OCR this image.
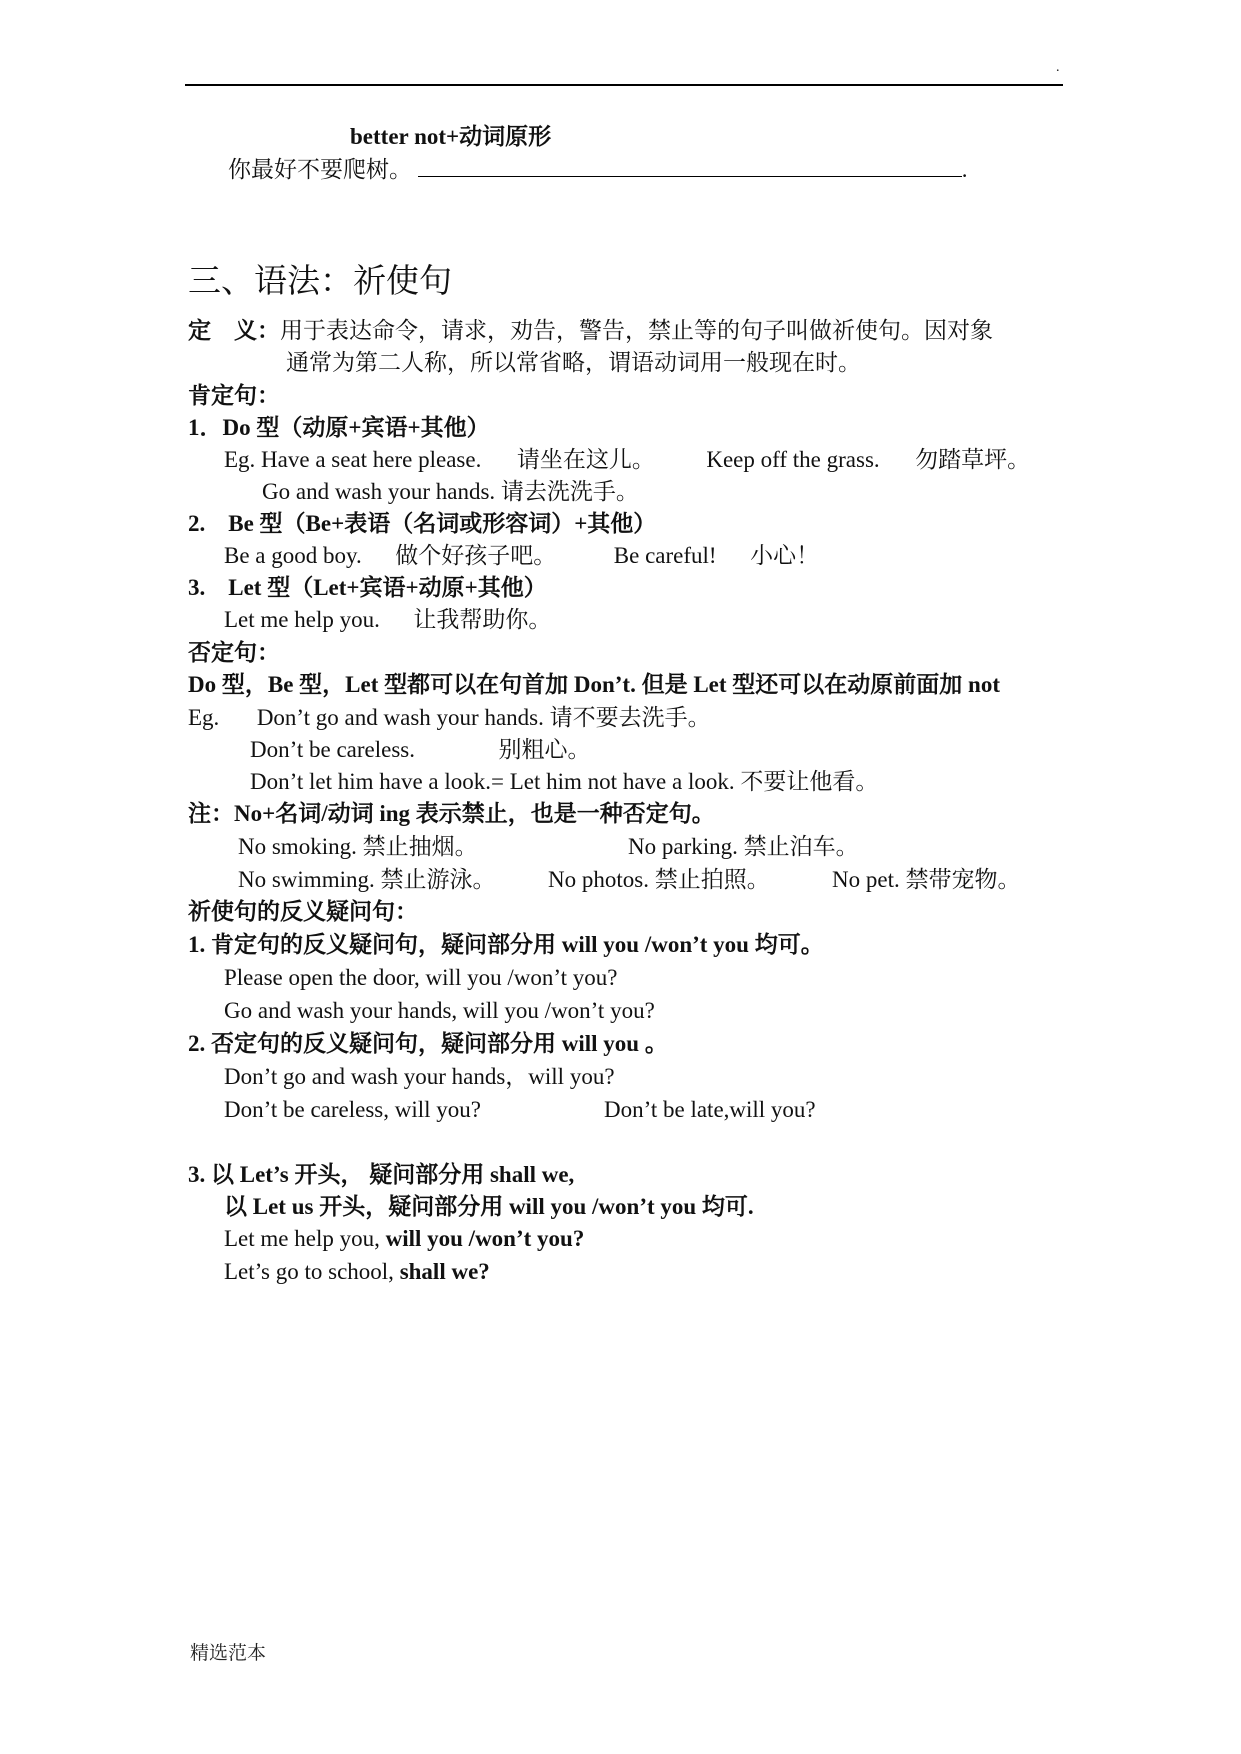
.
better not+动词原形
你最好不要爬树。	.
三、语法：祈使句
定　义：用于表达命令，请求，劝告，警告，禁止等的句子叫做祈使句。因对象
通常为第二人称，所以常省略，谓语动词用一般现在时。
肯定句：
1．Do 型（动原+宾语+其他）
Eg. Have a seat here please. 请坐在这儿。 Keep off the grass. 勿踏草坪。
Go and wash your hands. 请去洗洗手。
2.　Be 型（Be+表语（名词或形容词）+其他）
Be a good boy. 做个好孩子吧。	Be careful! 小心！
3.　Let 型（Let+宾语+动原+其他）
Let me help you. 让我帮助你。
否定句：
Do 型，Be 型，Let 型都可以在句首加 Don’t. 但是 Let 型还可以在动原前面加 not
Eg. Don’t go and wash your hands. 请不要去洗手。
Don’t be careless.	别粗心。
Don’t let him have a look.= Let him not have a look. 不要让他看。
注：No+名词/动词 ing 表示禁止，也是一种否定句。
No smoking. 禁止抽烟。	No parking. 禁止泊车。
No swimming. 禁止游泳。 No photos. 禁止拍照。	No pet. 禁带宠物。
祈使句的反义疑问句：
1. 肯定句的反义疑问句，疑问部分用 will you /won’t you 均可。
Please open the door, will you /won’t you?
Go and wash your hands, will you /won’t you?
2. 否定句的反义疑问句，疑问部分用 will you 。
Don’t go and wash your hands，will you?
Don’t be careless, will you?	Don’t be late,will you?
3. 以 Let’s 开头， 疑问部分用 shall we,
以 Let us 开头，疑问部分用 will you /won’t you 均可.
Let me help you, will you /won’t you?
Let’s go to school, shall we?
精选范本
